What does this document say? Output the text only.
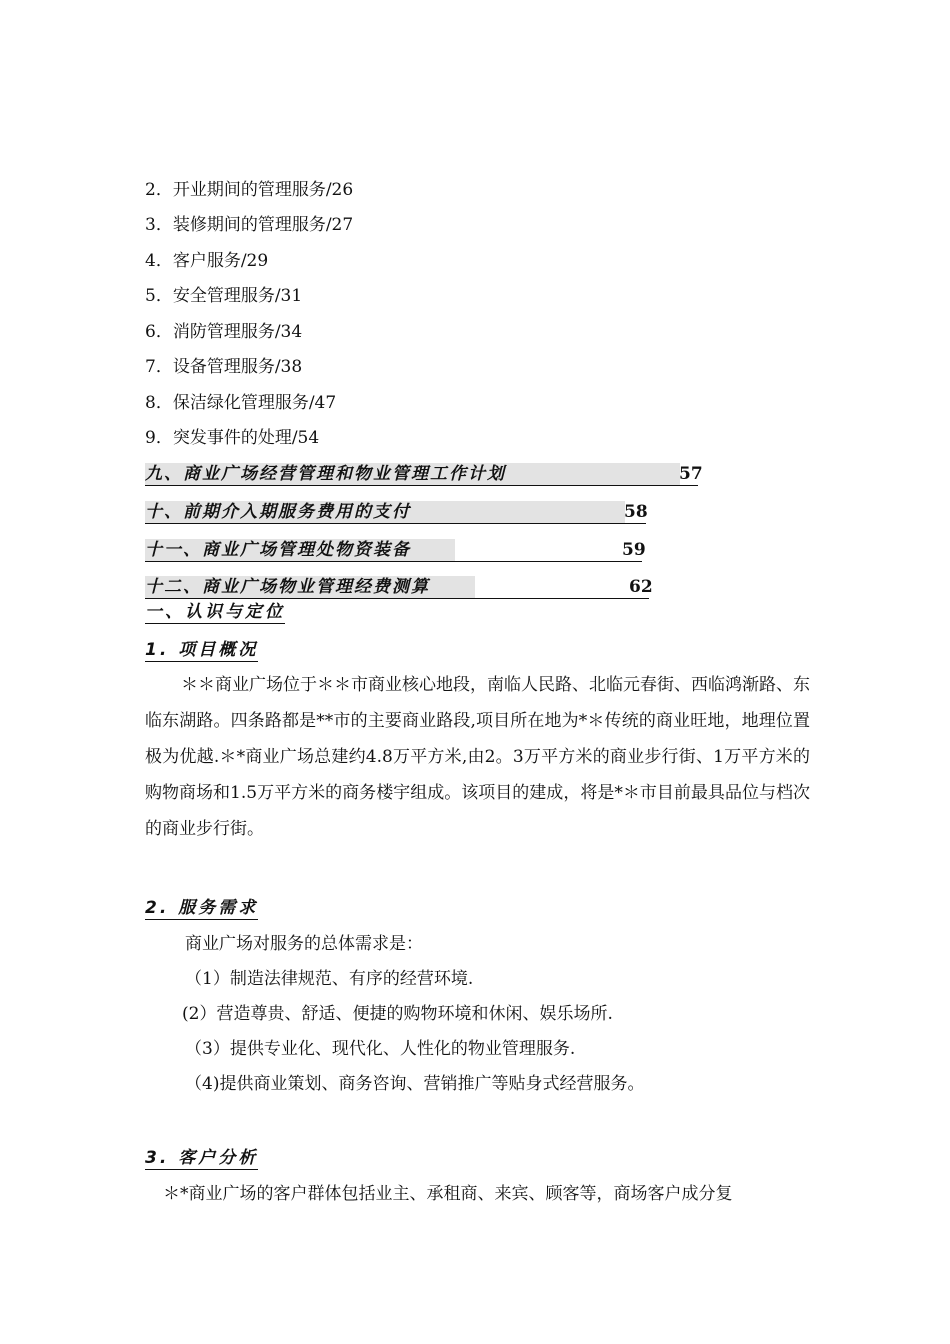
2．开业期间的管理服务/26
3．装修期间的管理服务/27
4．客户服务/29
5．安全管理服务/31
6．消防管理服务/34
7．设备管理服务/38
8．保洁绿化管理服务/47
9．突发事件的处理/54
九、商业广场经营管理和物业管理工作计划	57
十、前期介入期服务费用的支付	58
十一、商业广场管理处物资装备	59
十二、商业广场物业管理经费测算	62
一、认识与定位
1. 项目概况
＊＊商业广场位于＊＊市商业核心地段，南临人民路、北临元春街、西临鸿渐路、东临东湖路。四条路都是**市的主要商业路段,项目所在地为*＊传统的商业旺地，地理位置极为优越.＊*商业广场总建约4.8万平方米,由2。3万平方米的商业步行街、1万平方米的购物商场和1.5万平方米的商务楼宇组成。该项目的建成，将是*＊市目前最具品位与档次的商业步行街。
2. 服务需求
商业广场对服务的总体需求是：
（1）制造法律规范、有序的经营环境.
(2）营造尊贵、舒适、便捷的购物环境和休闲、娱乐场所.
（3）提供专业化、现代化、人性化的物业管理服务.
（4)提供商业策划、商务咨询、营销推广等贴身式经营服务。
3. 客户分析
＊*商业广场的客户群体包括业主、承租商、来宾、顾客等，商场客户成分复
